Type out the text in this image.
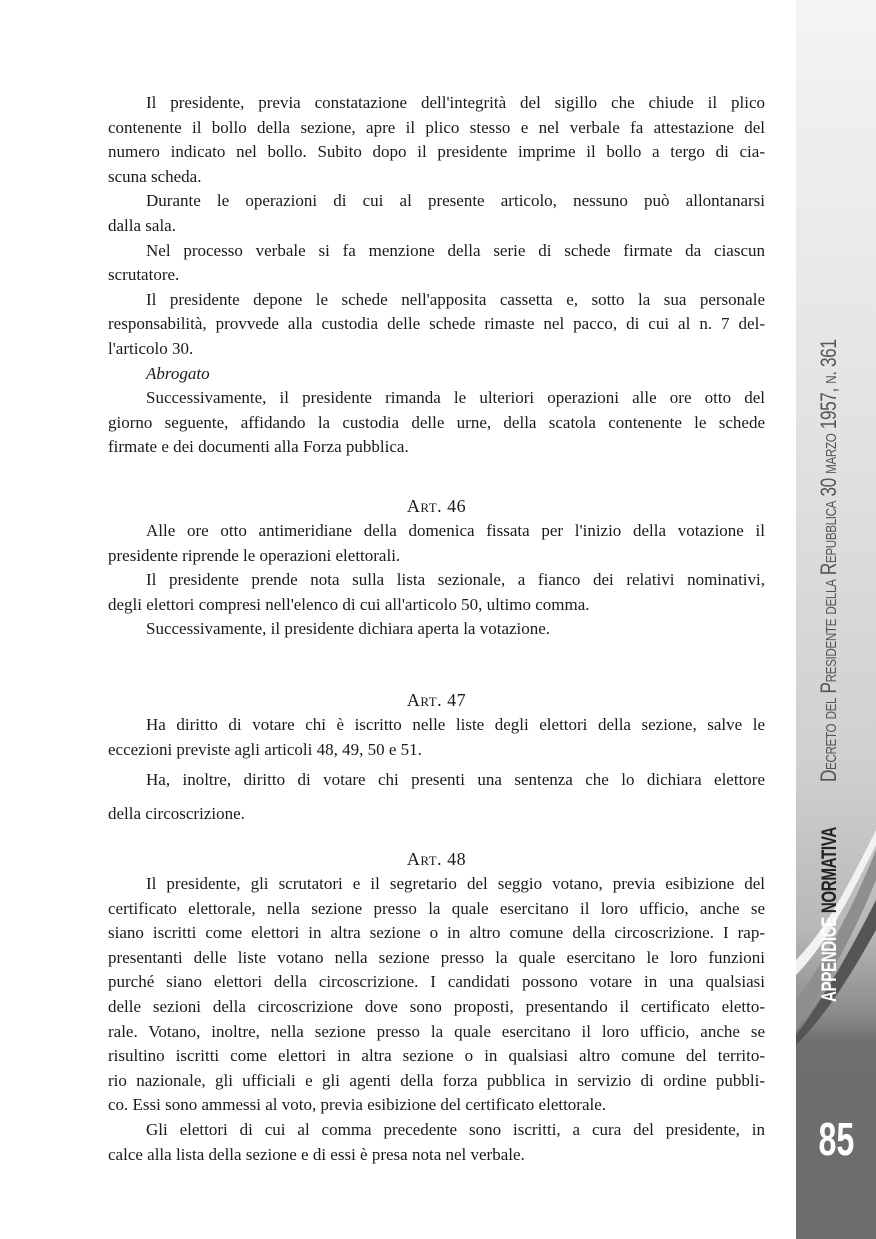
Il presidente, previa constatazione dell'integrità del sigillo che chiude il plico
contenente il bollo della sezione, apre il plico stesso e nel verbale fa attestazione del
numero indicato nel bollo. Subito dopo il presidente imprime il bollo a tergo di cia-
scuna scheda.
Durante le operazioni di cui al presente articolo, nessuno può allontanarsi
dalla sala.
Nel processo verbale si fa menzione della serie di schede firmate da ciascun
scrutatore.
Il presidente depone le schede nell'apposita cassetta e, sotto la sua personale
responsabilità, provvede alla custodia delle schede rimaste nel pacco, di cui al n. 7 del-
l'articolo 30.
Abrogato
Successivamente, il presidente rimanda le ulteriori operazioni alle ore otto del
giorno seguente, affidando la custodia delle urne, della scatola contenente le schede
firmate e dei documenti alla Forza pubblica.
Art. 46
Alle ore otto antimeridiane della domenica fissata per l'inizio della votazione il
presidente riprende le operazioni elettorali.
Il presidente prende nota sulla lista sezionale, a fianco dei relativi nominativi,
degli elettori compresi nell'elenco di cui all'articolo 50, ultimo comma.
Successivamente, il presidente dichiara aperta la votazione.
Art. 47
Ha diritto di votare chi è iscritto nelle liste degli elettori della sezione, salve le
eccezioni previste agli articoli 48, 49, 50 e 51.
Ha, inoltre, diritto di votare chi presenti una sentenza che lo dichiara elettore
della circoscrizione.
Art. 48
Il presidente, gli scrutatori e il segretario del seggio votano, previa esibizione del
certificato elettorale, nella sezione presso la quale esercitano il loro ufficio, anche se
siano iscritti come elettori in altra sezione o in altro comune della circoscrizione. I rap-
presentanti delle liste votano nella sezione presso la quale esercitano le loro funzioni
purché siano elettori della circoscrizione. I candidati possono votare in una qualsiasi
delle sezioni della circoscrizione dove sono proposti, presentando il certificato eletto-
rale. Votano, inoltre, nella sezione presso la quale esercitano il loro ufficio, anche se
risultino iscritti come elettori in altra sezione o in qualsiasi altro comune del territo-
rio nazionale, gli ufficiali e gli agenti della forza pubblica in servizio di ordine pubbli-
co. Essi sono ammessi al voto, previa esibizione del certificato elettorale.
Gli elettori di cui al comma precedente sono iscritti, a cura del presidente, in
calce alla lista della sezione e di essi è presa nota nel verbale.
Decreto del Presidente della Repubblica 30 marzo 1957, n. 361
APPENDICE NORMATIVA
85
